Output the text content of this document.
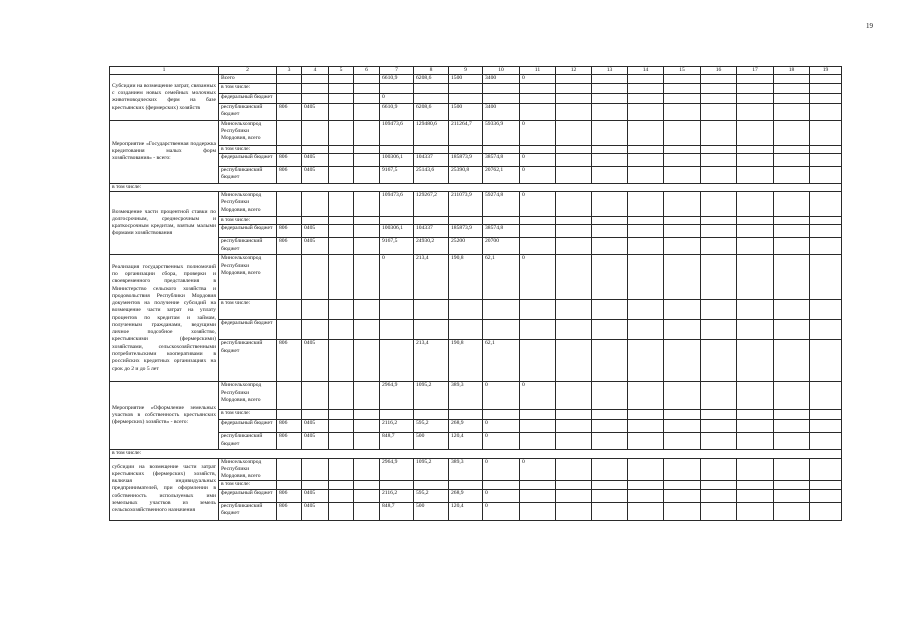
19
1	2	3	4	5	6	7	8	9	10	11	12	13	14	15	16	17	18	19
Субсидии на возмещение затрат, связанных с созданием новых семейных молочных животноводческих ферм на базе крестьянских (фермерских) хозяйств	Всего					6610,9	6208,6	1500	3400	0								
	в том числе:																	
	федеральный бюджет					0												
	республиканский бюджет	806	0405			6610,9	6208,6	1500	3400									
Мероприятие «Государственная поддержка кредитования малых форм хозяйствования» - всего:	Минсельхозпрод Республики Мордовия, всего					109473,6	129480,6	211264,7	59336,9	0								
	в том числе:																	
	федеральный бюджет	806	0405			100306,1	104337	185873,9	38574,8	0								
	республиканский бюджет	806	0405			9167,5	25143,6	25390,8	20762,1	0								
в том числе:																		
Возмещение части процентной ставки по долгосрочным, среднесрочным и краткосрочным кредитам, взятым малыми формами хозяйствования	Минсельхозпрод Республики Мордовия, всего					109473,6	129267,2	211073,9	59274,8	0								
	в том числе:																	
	федеральный бюджет	806	0405			100306,1	104337	185873,9	38574,8									
	республиканский бюджет	806	0405			9167,5	24930,2	25200	20700									
Реализация государственных полномочий по организации сбора, проверки и своевременного представления в Министерство сельского хозяйства и продовольствия Республики Мордовия документов на получение субсидий на возмещение части затрат на уплату процентов по кредитам и займам, полученным гражданами, ведущими личное подсобное хозяйство, крестьянскими (фермерскими) хозяйствами, сельскохозяйственными потребительскими кооперативами в российских кредитных организациях на срок до 2 и до 5 лет	Минсельхозпрод Республики Мордовия, всего					0	213,4	190,8	62,1	0								
	в том числе:																	
	федеральный бюджет																	
	республиканский бюджет	806	0405				213,4	190,8	62,1									
Мероприятие «Оформление земельных участков в собственность крестьянских (фермерских) хозяйств» - всего:	Минсельхозпрод Республики Мордовия, всего					2964,9	1095,2	389,3	0	0								
	в том числе:																	
	федеральный бюджет	806	0405			2116,2	595,2	268,9	0									
	республиканский бюджет	806	0405			848,7	500	120,4	0									
в том числе:																		
субсидии на возмещение части затрат крестьянских (фермерских) хозяйств, включая индивидуальных предпринимателей, при оформлении в собственность используемых ими земельных участков из земель сельскохозяйственного назначения	Минсельхозпрод Республики Мордовия, всего					2964,9	1095,2	389,3	0	0								
	в том числе:																	
	федеральный бюджет	806	0405			2116,2	595,2	268,9	0									
	республиканский бюджет	806	0405			848,7	500	120,4	0									
